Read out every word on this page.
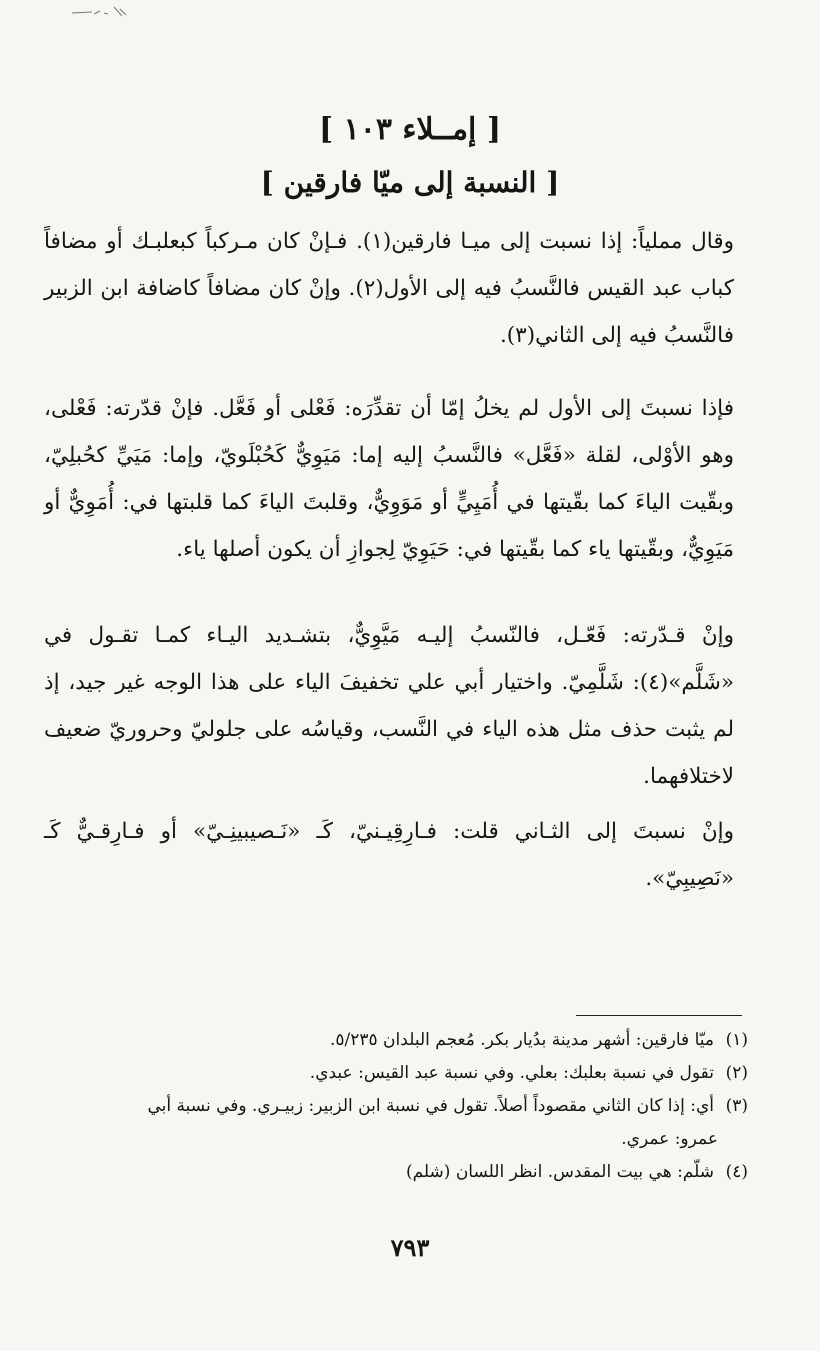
[ إمــلاء ١٠٣ ]
[ النسبة إلى ميّا فارقين ]

وقال مملياً: إذا نسبت إلى ميـا فارقين(١). فـإنْ كان مـركباً كبعلبـك أو مضافاً كباب عبد القيس فالنَّسبُ فيه إلى الأول(٢). وإنْ كان مضافاً كاضافة ابن الزبير فالنَّسبُ فيه إلى الثاني(٣).

فإذا نسبتَ إلى الأول لم يخلُ إمّا أن تقدِّرَه: فَعْلى أو فَعَّل. فإنْ قدّرته: فَعْلى، وهو الأوْلى، لقلة «فَعَّل» فالنَّسبُ إليه إما: مَيَوِيٌّ كَحُبْلَويّ، وإما: مَيَيِّ كحُبلِيّ، وبقّيت الياءَ كما بقّيتها في أُمَيِيٍّ أو مَوَوِيٌّ، وقلبتَ الياءَ كما قلبتها في: أُمَوِيٌّ أو مَيَوِيٌّ، وبقّيتها ياء كما بقّيتها في: حَيَوِيّ لِجوازِ أن يكون أصلها ياء.

وإنْ قـدّرته: فَعّـل، فالنّسبُ إليـه مَيَّوِيٌّ، بتشـديد اليـاء كمـا تقـول في «شَلَّم»(٤): شَلَّمِيّ. واختيار أبي علي تخفيفَ الياء على هذا الوجه غير جيد، إذ لم يثبت حذف مثل هذه الياء في النَّسب، وقياسُه على جلوليّ وحروريّ ضعيف لاختلافهما.

وإنْ نسبتَ إلى الثـاني قلت: فـارِقِيـنيّ، كَـ «نَـصيبينِـيّ» أو فـارِقـيٌّ كَـ «نَصِيبِيّ».

(١)ميّا فارقين: أشهر مدينة بدُيار بكر. مُعجم البلدان ٥/٢٣٥.
(٢)تقول في نسبة بعلبك: بعلي. وفي نسبة عبد القيس: عبدي.
(٣)أي: إذا كان الثاني مقصوداً أصلاً. تقول في نسبة ابن الزبير: زبيـري. وفي نسبة أبي
عمرو: عمري.
(٤)شلّم: هي بيت المقدس. انظر اللسان (شلم)
٧٩٣
